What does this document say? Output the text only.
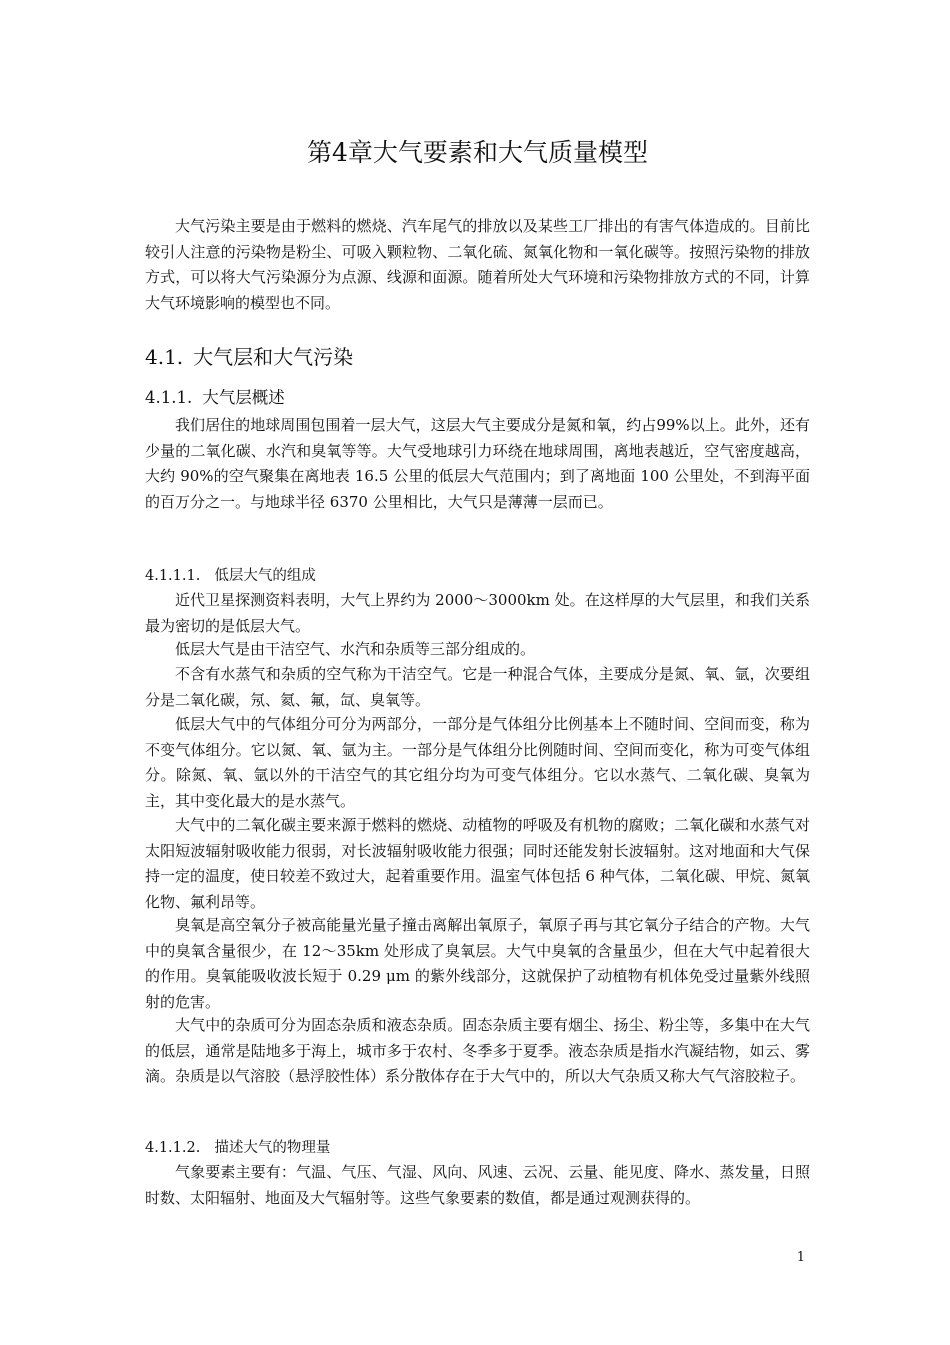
第4章大气要素和大气质量模型

大气污染主要是由于燃料的燃烧、汽车尾气的排放以及某些工厂排出的有害气体造成的。目前比较引人注意的污染物是粉尘、可吸入颗粒物、二氧化硫、氮氧化物和一氧化碳等。按照污染物的排放方式，可以将大气污染源分为点源、线源和面源。随着所处大气环境和污染物排放方式的不同，计算大气环境影响的模型也不同。

4.1. 大气层和大气污染
4.1.1. 大气层概述

我们居住的地球周围包围着一层大气，这层大气主要成分是氮和氧，约占99%以上。此外，还有少量的二氧化碳、水汽和臭氧等等。大气受地球引力环绕在地球周围，离地表越近，空气密度越高，大约 90%的空气聚集在离地表 16.5 公里的低层大气范围内；到了离地面 100 公里处，不到海平面的百万分之一。与地球半径 6370 公里相比，大气只是薄薄一层而已。

4.1.1.1. 低层大气的组成

近代卫星探测资料表明，大气上界约为 2000～3000km 处。在这样厚的大气层里，和我们关系最为密切的是低层大气。

低层大气是由干洁空气、水汽和杂质等三部分组成的。

不含有水蒸气和杂质的空气称为干洁空气。它是一种混合气体，主要成分是氮、氧、氩，次要组分是二氧化碳，氖、氦、氟，氙、臭氧等。

低层大气中的气体组分可分为两部分，一部分是气体组分比例基本上不随时间、空间而变，称为不变气体组分。它以氮、氧、氩为主。一部分是气体组分比例随时间、空间而变化，称为可变气体组分。除氮、氧、氩以外的干洁空气的其它组分均为可变气体组分。它以水蒸气、二氧化碳、臭氧为主，其中变化最大的是水蒸气。

大气中的二氧化碳主要来源于燃料的燃烧、动植物的呼吸及有机物的腐败；二氧化碳和水蒸气对太阳短波辐射吸收能力很弱，对长波辐射吸收能力很强；同时还能发射长波辐射。这对地面和大气保持一定的温度，使日较差不致过大，起着重要作用。温室气体包括 6 种气体，二氧化碳、甲烷、氮氧化物、氟利昂等。

臭氧是高空氧分子被高能量光量子撞击离解出氧原子，氧原子再与其它氧分子结合的产物。大气中的臭氧含量很少，在 12～35km 处形成了臭氧层。大气中臭氧的含量虽少，但在大气中起着很大的作用。臭氧能吸收波长短于 0.29 μm 的紫外线部分，这就保护了动植物有机体免受过量紫外线照射的危害。

大气中的杂质可分为固态杂质和液态杂质。固态杂质主要有烟尘、扬尘、粉尘等，多集中在大气的低层，通常是陆地多于海上，城市多于农村、冬季多于夏季。液态杂质是指水汽凝结物，如云、雾滴。杂质是以气溶胶（悬浮胶性体）系分散体存在于大气中的，所以大气杂质又称大气气溶胶粒子。

4.1.1.2. 描述大气的物理量

气象要素主要有：气温、气压、气湿、风向、风速、云况、云量、能见度、降水、蒸发量，日照时数、太阳辐射、地面及大气辐射等。这些气象要素的数值，都是通过观测获得的。

1
